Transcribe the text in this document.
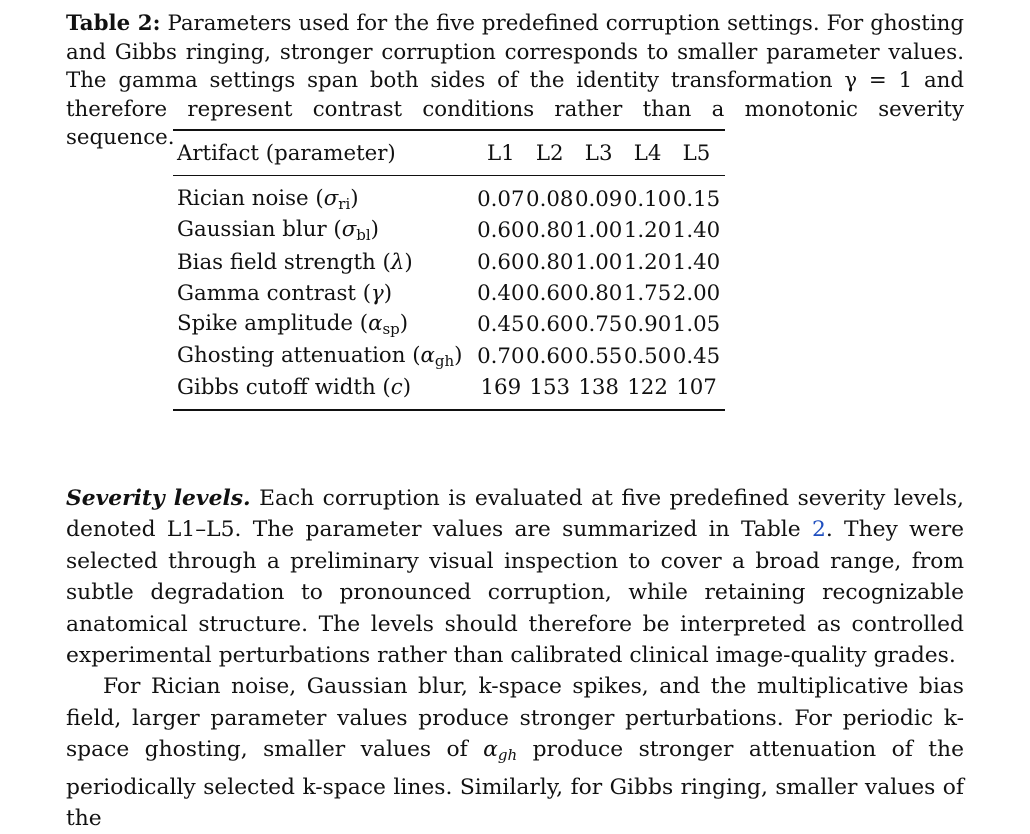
Table 2: Parameters used for the five predefined corruption settings. For ghosting and Gibbs ringing, stronger corruption corresponds to smaller parameter values. The gamma settings span both sides of the identity transformation γ = 1 and therefore represent contrast conditions rather than a monotonic severity sequence.

Artifact (parameter)	L1	L2	L3	L4	L5
Rician noise $(\sigma_{ri})$	0.07	0.08	0.09	0.10	0.15
Gaussian blur $(\sigma_{bl})$	0.60	0.80	1.00	1.20	1.40
Bias field strength (λ)	0.60	0.80	1.00	1.20	1.40
Gamma contrast (γ)	0.40	0.60	0.80	1.75	2.00
Spike amplitude $(\alpha_{sp})$	0.45	0.60	0.75	0.90	1.05
Ghosting attenuation $(\alpha_{gh})$	0.70	0.60	0.55	0.50	0.45
Gibbs cutoff width (c)	169	153	138	122	107

Severity levels. Each corruption is evaluated at five predefined severity levels, denoted L1–L5. The parameter values are summarized in Table 2. They were selected through a preliminary visual inspection to cover a broad range, from subtle degradation to pronounced corruption, while retaining recognizable anatomical structure. The levels should therefore be interpreted as controlled experimental perturbations rather than calibrated clinical image-quality grades.

For Rician noise, Gaussian blur, k-space spikes, and the multiplicative bias field, larger parameter values produce stronger perturbations. For periodic k-space ghosting, smaller values of $\alpha_{gh}$ produce stronger attenuation of the periodically selected k-space lines. Similarly, for Gibbs ringing, smaller values of the
